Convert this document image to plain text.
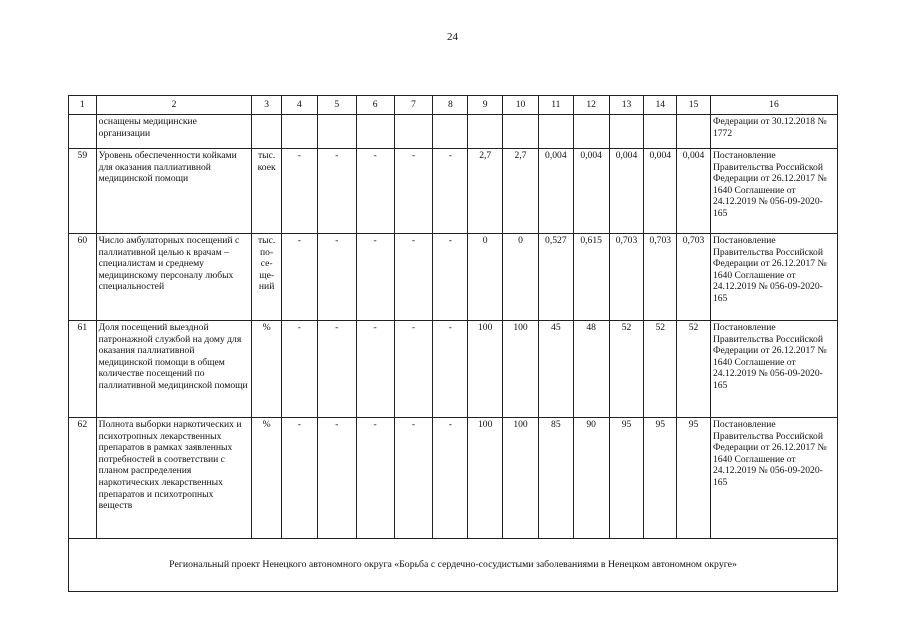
24
1	2	3	4	5	6	7	8	9	10	11	12	13	14	15	16
	оснащены медицинские организации														Федерации от 30.12.2018 № 1772
59	Уровень обеспеченности койками для оказания паллиативной медицинской помощи	тыс. коек	-	-	-	-	-	2,7	2,7	0,004	0,004	0,004	0,004	0,004	Постановление Правительства Российской Федерации от 26.12.2017 № 1640 Соглашение от 24.12.2019 № 056-09-2020-165
60	Число амбулаторных посещений с паллиативной целью к врачам – специалистам и среднему медицинскому персоналу любых специальностей	тыс. по-се-ще-ний	-	-	-	-	-	0	0	0,527	0,615	0,703	0,703	0,703	Постановление Правительства Российской Федерации от 26.12.2017 № 1640 Соглашение от 24.12.2019 № 056-09-2020-165
61	Доля посещений выездной патронажной службой на дому для оказания паллиативной медицинской помощи в общем количестве посещений по паллиативной медицинской помощи	%	-	-	-	-	-	100	100	45	48	52	52	52	Постановление Правительства Российской Федерации от 26.12.2017 № 1640 Соглашение от 24.12.2019 № 056-09-2020-165
62	Полнота выборки наркотических и психотропных лекарственных препаратов в рамках заявленных потребностей в соответствии с планом распределения наркотических лекарственных препаратов и психотропных веществ	%	-	-	-	-	-	100	100	85	90	95	95	95	Постановление Правительства Российской Федерации от 26.12.2017 № 1640 Соглашение от 24.12.2019 № 056-09-2020-165
Региональный проект Ненецкого автономного округа «Борьба с сердечно-сосудистыми заболеваниями в Ненецком автономном округе»															
